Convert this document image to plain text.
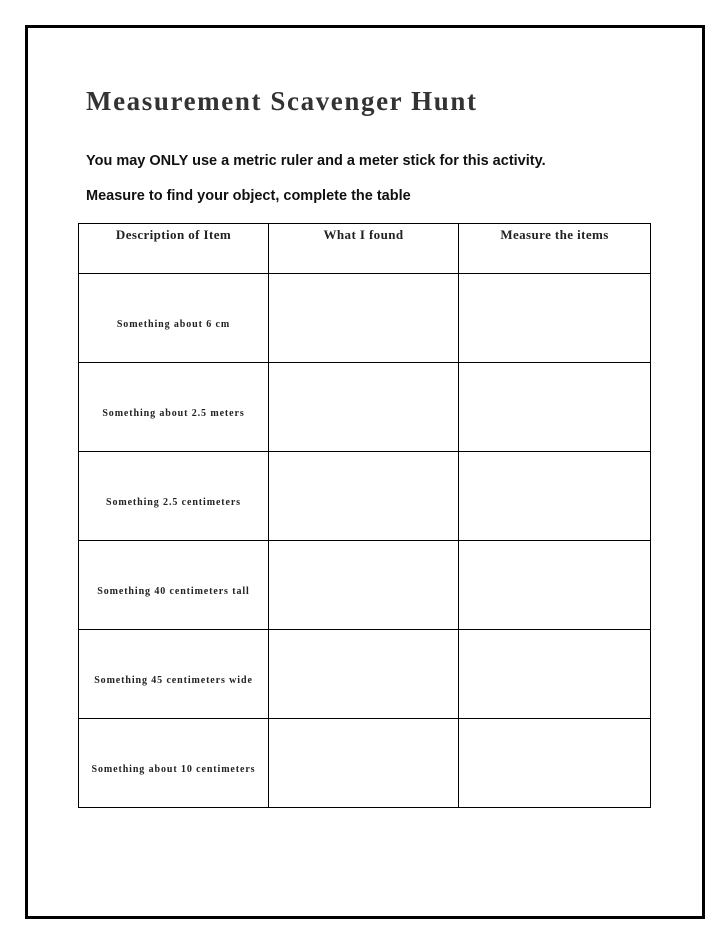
Measurement Scavenger Hunt

You may ONLY use a metric ruler and a meter stick for this activity.

Measure to find your object, complete the table

Description of Item	What I found	Measure the items
Something about 6 cm		
Something about 2.5 meters		
Something 2.5 centimeters		
Something 40 centimeters tall		
Something 45 centimeters wide		
Something about 10 centimeters		
